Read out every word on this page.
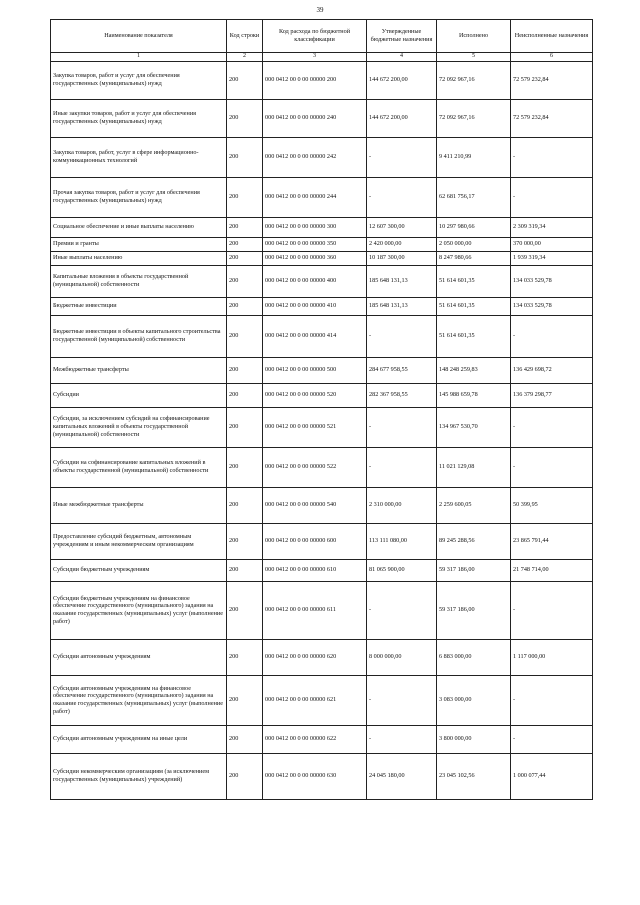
39
Наименование показателя	Код строки	Код расхода по бюджетной классификации	Утвержденные бюджетные назначения	Исполнено	Неисполненные назначения
1	2	3	4	5	6
Закупка товаров, работ и услуг для обеспечения государственных (муниципальных) нужд	200	000 0412 00 0 00 00000 200	144 672 200,00	72 092 967,16	72 579 232,84
Иные закупки товаров, работ и услуг для обеспечения государственных (муниципальных) нужд	200	000 0412 00 0 00 00000 240	144 672 200,00	72 092 967,16	72 579 232,84
Закупка товаров, работ, услуг в сфере информационно-коммуникационных технологий	200	000 0412 00 0 00 00000 242	-	9 411 210,99	-
Прочая закупка товаров, работ и услуг для обеспечения государственных (муниципальных) нужд	200	000 0412 00 0 00 00000 244	-	62 681 756,17	-
Социальное обеспечение и иные выплаты населению	200	000 0412 00 0 00 00000 300	12 607 300,00	10 297 980,66	2 309 319,34
Премии и гранты	200	000 0412 00 0 00 00000 350	2 420 000,00	2 050 000,00	370 000,00
Иные выплаты населению	200	000 0412 00 0 00 00000 360	10 187 300,00	8 247 980,66	1 939 319,34
Капитальные вложения в объекты государственной (муниципальной) собственности	200	000 0412 00 0 00 00000 400	185 648 131,13	51 614 601,35	134 033 529,78
Бюджетные инвестиции	200	000 0412 00 0 00 00000 410	185 648 131,13	51 614 601,35	134 033 529,78
Бюджетные инвестиции в объекты капитального строительства государственной (муниципальной) собственности	200	000 0412 00 0 00 00000 414	-	51 614 601,35	-
Межбюджетные трансферты	200	000 0412 00 0 00 00000 500	284 677 958,55	148 248 259,83	136 429 698,72
Субсидии	200	000 0412 00 0 00 00000 520	282 367 958,55	145 988 659,78	136 379 298,77
Субсидии, за исключением субсидий на софинансирование капитальных вложений в объекты государственной (муниципальной) собственности	200	000 0412 00 0 00 00000 521	-	134 967 530,70	-
Субсидии на софинансирование капитальных вложений в объекты государственной (муниципальной) собственности	200	000 0412 00 0 00 00000 522	-	11 021 129,08	-
Иные межбюджетные трансферты	200	000 0412 00 0 00 00000 540	2 310 000,00	2 259 600,05	50 399,95
Предоставление субсидий бюджетным, автономным учреждениям и иным некоммерческим организациям	200	000 0412 00 0 00 00000 600	113 111 080,00	89 245 288,56	23 865 791,44
Субсидии бюджетным учреждениям	200	000 0412 00 0 00 00000 610	81 065 900,00	59 317 186,00	21 748 714,00
Субсидии бюджетным учреждениям на финансовое обеспечение государственного (муниципального) задания на оказание государственных (муниципальных) услуг (выполнение работ)	200	000 0412 00 0 00 00000 611	-	59 317 186,00	-
Субсидии автономным учреждениям	200	000 0412 00 0 00 00000 620	8 000 000,00	6 883 000,00	1 117 000,00
Субсидии автономным учреждениям на финансовое обеспечение государственного (муниципального) задания на оказание государственных (муниципальных) услуг (выполнение работ)	200	000 0412 00 0 00 00000 621	-	3 083 000,00	-
Субсидии автономным учреждениям на иные цели	200	000 0412 00 0 00 00000 622	-	3 800 000,00	-
Субсидии некоммерческим организациям (за исключением государственных (муниципальных) учреждений)	200	000 0412 00 0 00 00000 630	24 045 180,00	23 045 102,56	1 000 077,44
